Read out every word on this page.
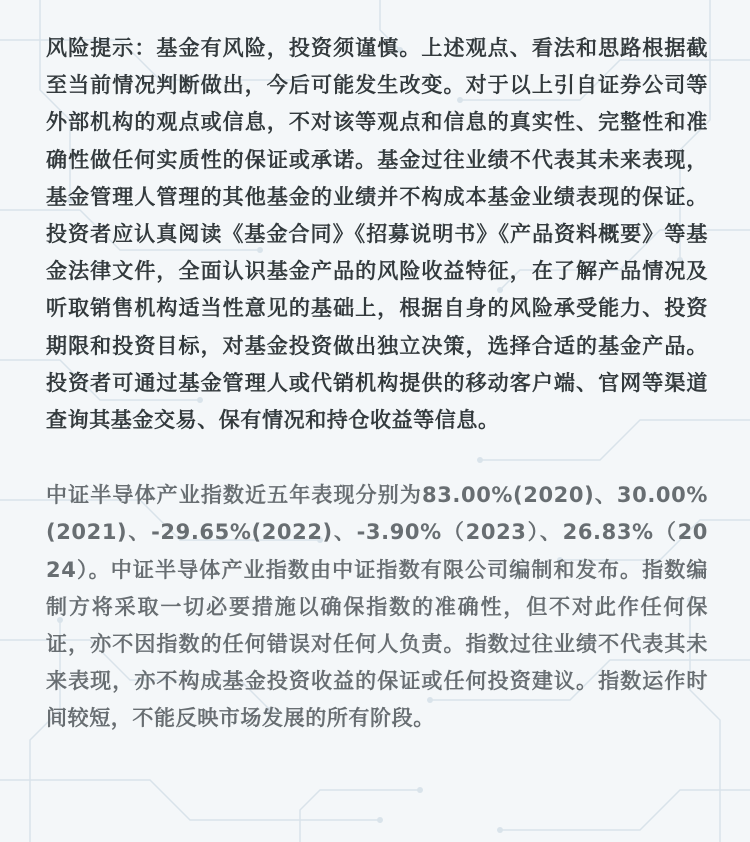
风险提示：基金有风险，投资须谨慎。上述观点、看法和思路根据截至当前情况判断做出，今后可能发生改变。对于以上引自证券公司等外部机构的观点或信息，不对该等观点和信息的真实性、完整性和准确性做任何实质性的保证或承诺。基金过往业绩不代表其未来表现，基金管理人管理的其他基金的业绩并不构成本基金业绩表现的保证。投资者应认真阅读《基金合同》《招募说明书》《产品资料概要》等基金法律文件，全面认识基金产品的风险收益特征，在了解产品情况及听取销售机构适当性意见的基础上，根据自身的风险承受能力、投资期限和投资目标，对基金投资做出独立决策，选择合适的基金产品。投资者可通过基金管理人或代销机构提供的移动客户端、官网等渠道查询其基金交易、保有情况和持仓收益等信息。

中证半导体产业指数近五年表现分别为83.00%(2020)、30.00%(2021)、-29.65%(2022)、-3.90%（2023）、26.83%（2024）。中证半导体产业指数由中证指数有限公司编制和发布。指数编制方将采取一切必要措施以确保指数的准确性，但不对此作任何保证，亦不因指数的任何错误对任何人负责。指数过往业绩不代表其未来表现，亦不构成基金投资收益的保证或任何投资建议。指数运作时间较短，不能反映市场发展的所有阶段。
